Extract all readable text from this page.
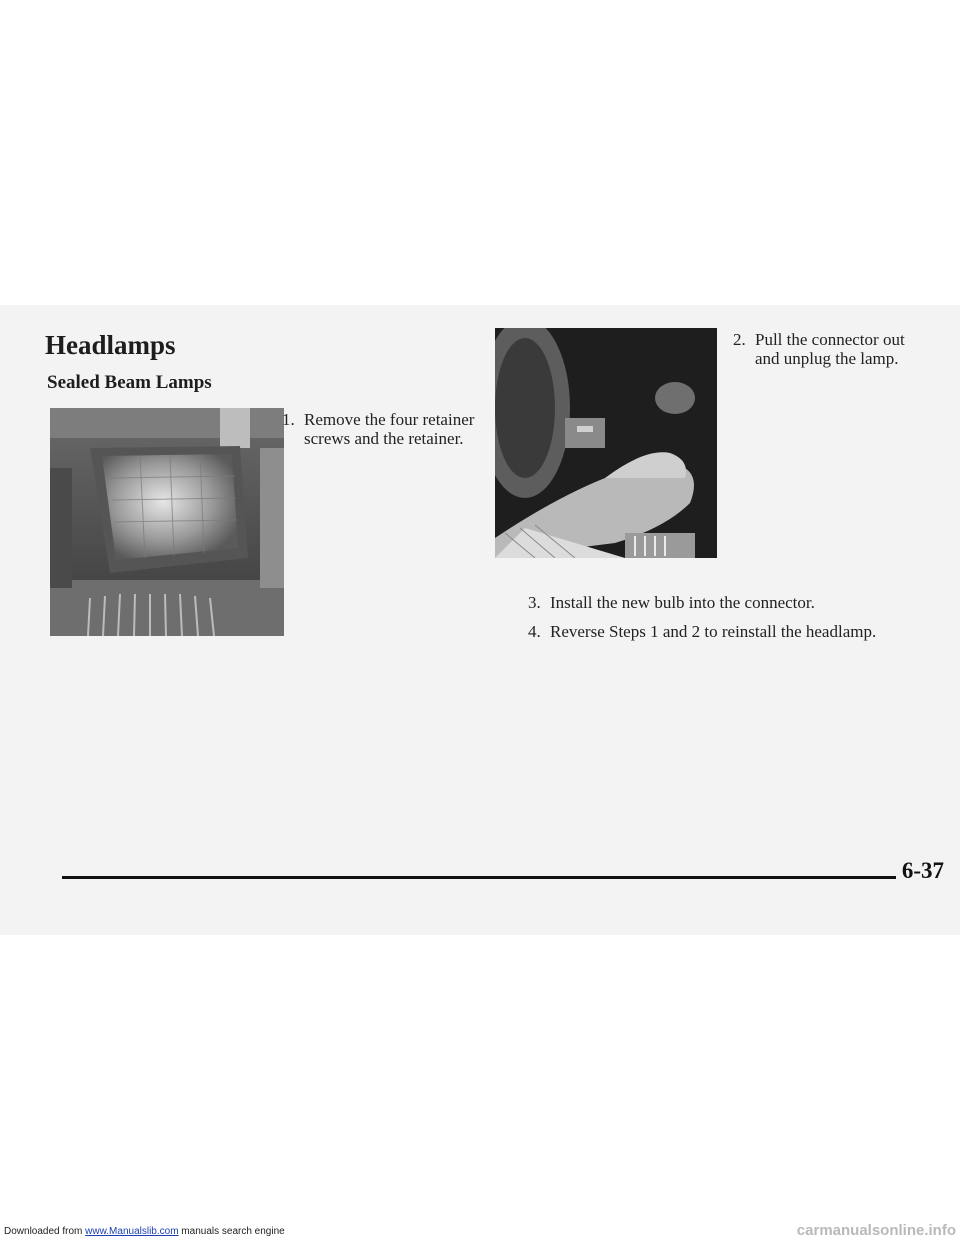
Headlamps
Sealed Beam Lamps
1. Remove the four retainer
screws and the retainer.
2. Pull the connector out
and unplug the lamp.
3. Install the new bulb into the connector.
4. Reverse Steps 1 and 2 to reinstall the headlamp.
6-37
Downloaded from www.Manualslib.com manuals search engine	carmanualsonline.info
